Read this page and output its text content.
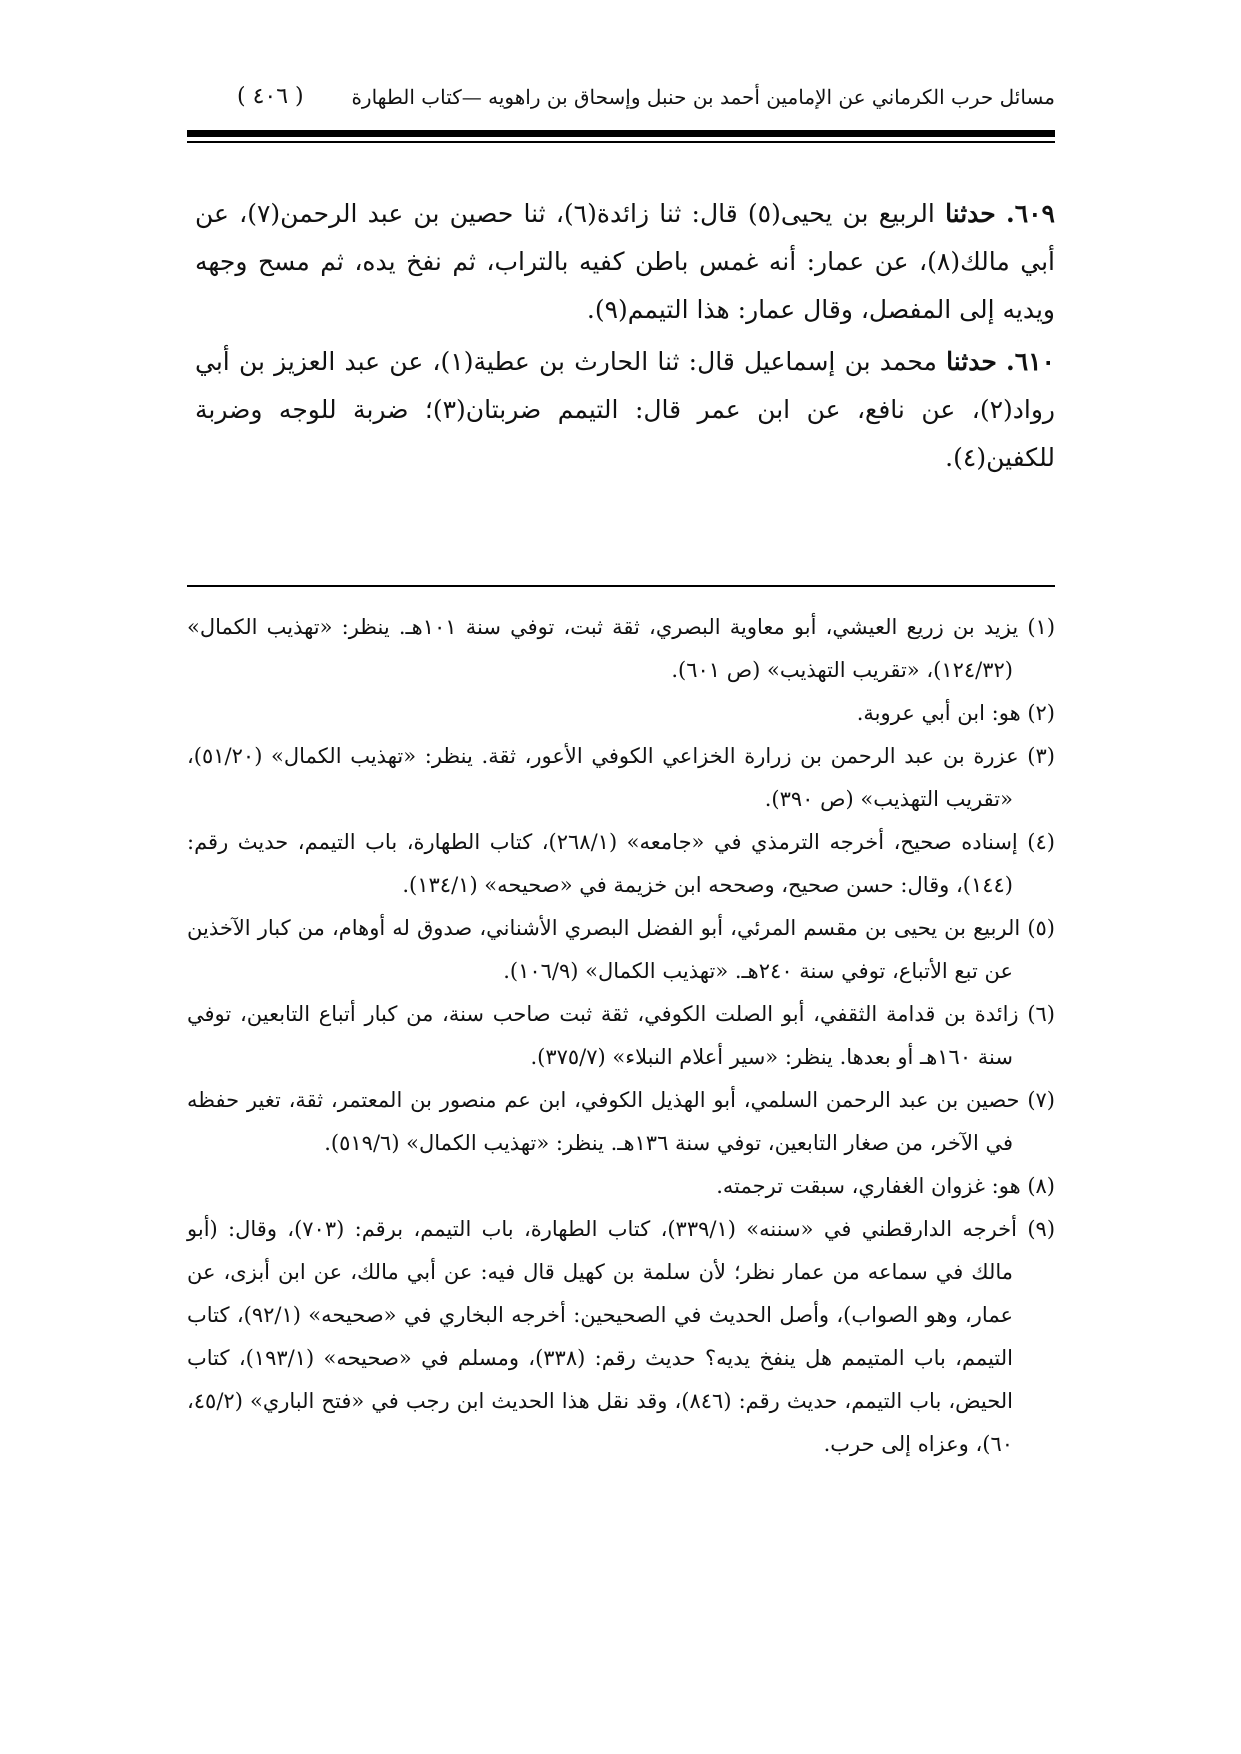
مسائل حرب الكرماني عن الإمامين أحمد بن حنبل وإسحاق بن راهويه —كتاب الطهارة
( ٤٠٦ )

٦٠٩. حدثنا الربيع بن يحيى(٥) قال: ثنا زائدة(٦)، ثنا حصين بن عبد الرحمن(٧)، عن أبي مالك(٨)، عن عمار: أنه غمس باطن كفيه بالتراب، ثم نفخ يده، ثم مسح وجهه ويديه إلى المفصل، وقال عمار: هذا التيمم(٩).

٦١٠. حدثنا محمد بن إسماعيل قال: ثنا الحارث بن عطية(١)، عن عبد العزيز بن أبي رواد(٢)، عن نافع، عن ابن عمر قال: التيمم ضربتان(٣)؛ ضربة للوجه وضربة للكفين(٤).

(١) يزيد بن زريع العيشي، أبو معاوية البصري، ثقة ثبت، توفي سنة ١٠١هـ. ينظر: «تهذيب الكمال» (١٢٤/٣٢)، «تقريب التهذيب» (ص ٦٠١).

(٢) هو: ابن أبي عروبة.

(٣) عزرة بن عبد الرحمن بن زرارة الخزاعي الكوفي الأعور، ثقة. ينظر: «تهذيب الكمال» (٥١/٢٠)، «تقريب التهذيب» (ص ٣٩٠).

(٤) إسناده صحيح، أخرجه الترمذي في «جامعه» (٢٦٨/١)، كتاب الطهارة، باب التيمم، حديث رقم: (١٤٤)، وقال: حسن صحيح، وصححه ابن خزيمة في «صحيحه» (١٣٤/١).

(٥) الربيع بن يحيى بن مقسم المرئي، أبو الفضل البصري الأشناني، صدوق له أوهام، من كبار الآخذين عن تبع الأتباع، توفي سنة ٢٤٠هـ. «تهذيب الكمال» (١٠٦/٩).

(٦) زائدة بن قدامة الثقفي، أبو الصلت الكوفي، ثقة ثبت صاحب سنة، من كبار أتباع التابعين، توفي سنة ١٦٠هـ أو بعدها. ينظر: «سير أعلام النبلاء» (٣٧٥/٧).

(٧) حصين بن عبد الرحمن السلمي، أبو الهذيل الكوفي، ابن عم منصور بن المعتمر، ثقة، تغير حفظه في الآخر، من صغار التابعين، توفي سنة ١٣٦هـ. ينظر: «تهذيب الكمال» (٥١٩/٦).

(٨) هو: غزوان الغفاري، سبقت ترجمته.

(٩) أخرجه الدارقطني في «سننه» (٣٣٩/١)، كتاب الطهارة، باب التيمم، برقم: (٧٠٣)، وقال: (أبو مالك في سماعه من عمار نظر؛ لأن سلمة بن كهيل قال فيه: عن أبي مالك، عن ابن أبزى، عن عمار، وهو الصواب)، وأصل الحديث في الصحيحين: أخرجه البخاري في «صحيحه» (٩٢/١)، كتاب التيمم، باب المتيمم هل ينفخ يديه؟ حديث رقم: (٣٣٨)، ومسلم في «صحيحه» (١٩٣/١)، كتاب الحيض، باب التيمم، حديث رقم: (٨٤٦)، وقد نقل هذا الحديث ابن رجب في «فتح الباري» (٤٥/٢، ٦٠)، وعزاه إلى حرب.
